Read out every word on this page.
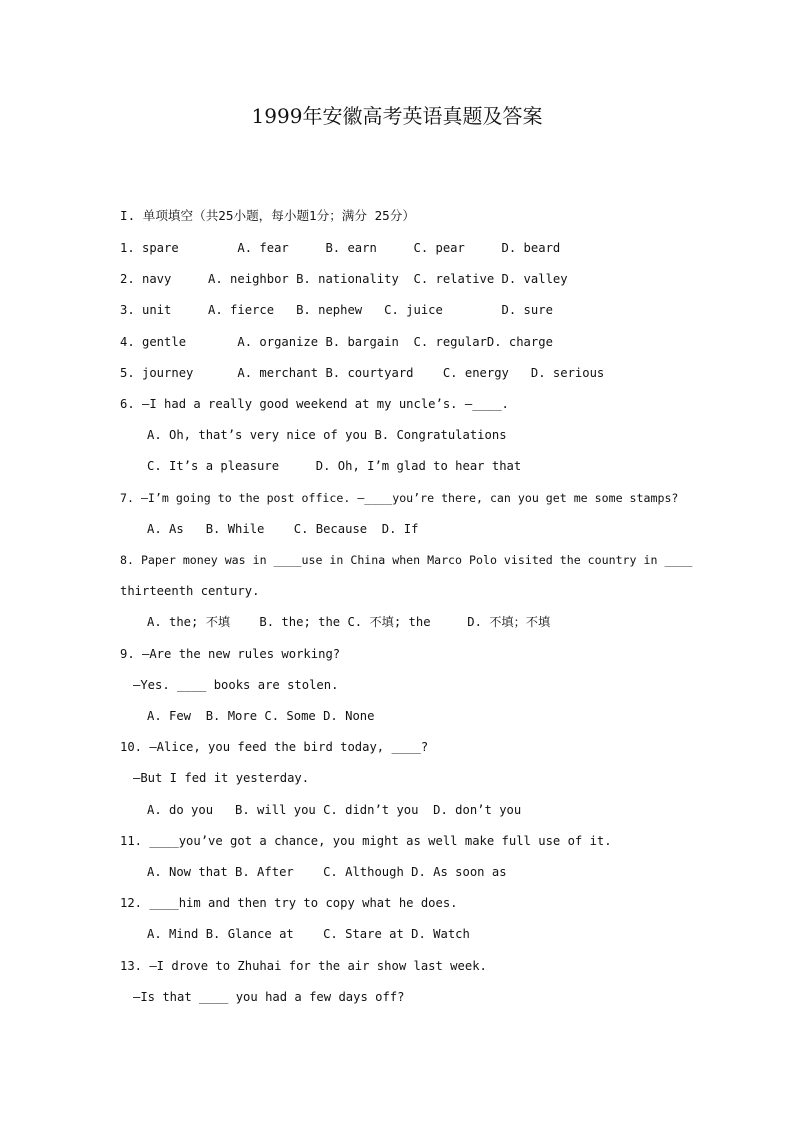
1999年安徽高考英语真题及答案
I. 单项填空（共25小题，每小题1分；满分 25分）
1. spare        A. fear     B. earn     C. pear     D. beard
2. navy     A. neighbor B. nationality  C. relative D. valley
3. unit     A. fierce   B. nephew   C. juice        D. sure
4. gentle       A. organize B. bargain  C. regularD. charge
5. journey      A. merchant B. courtyard    C. energy   D. serious
6. —I had a really good weekend at my uncle’s. —____.
A. Oh, that’s very nice of you B. Congratulations
C. It’s a pleasure     D. Oh, I’m glad to hear that
7. —I’m going to the post office. —____you’re there, can you get me some stamps?
A. As   B. While    C. Because  D. If
8. Paper money was in ____use in China when Marco Polo visited the country in ____
thirteenth century.
A. the; 不填    B. the; the C. 不填; the     D. 不填；不填
9. —Are the new rules working?
—Yes. ____ books are stolen.
A. Few  B. More C. Some D. None
10. —Alice, you feed the bird today, ____?
—But I fed it yesterday.
A. do you   B. will you C. didn’t you  D. don’t you
11. ____you’ve got a chance, you might as well make full use of it.
A. Now that B. After    C. Although D. As soon as
12. ____him and then try to copy what he does.
A. Mind B. Glance at    C. Stare at D. Watch
13. —I drove to Zhuhai for the air show last week.
—Is that ____ you had a few days off?
